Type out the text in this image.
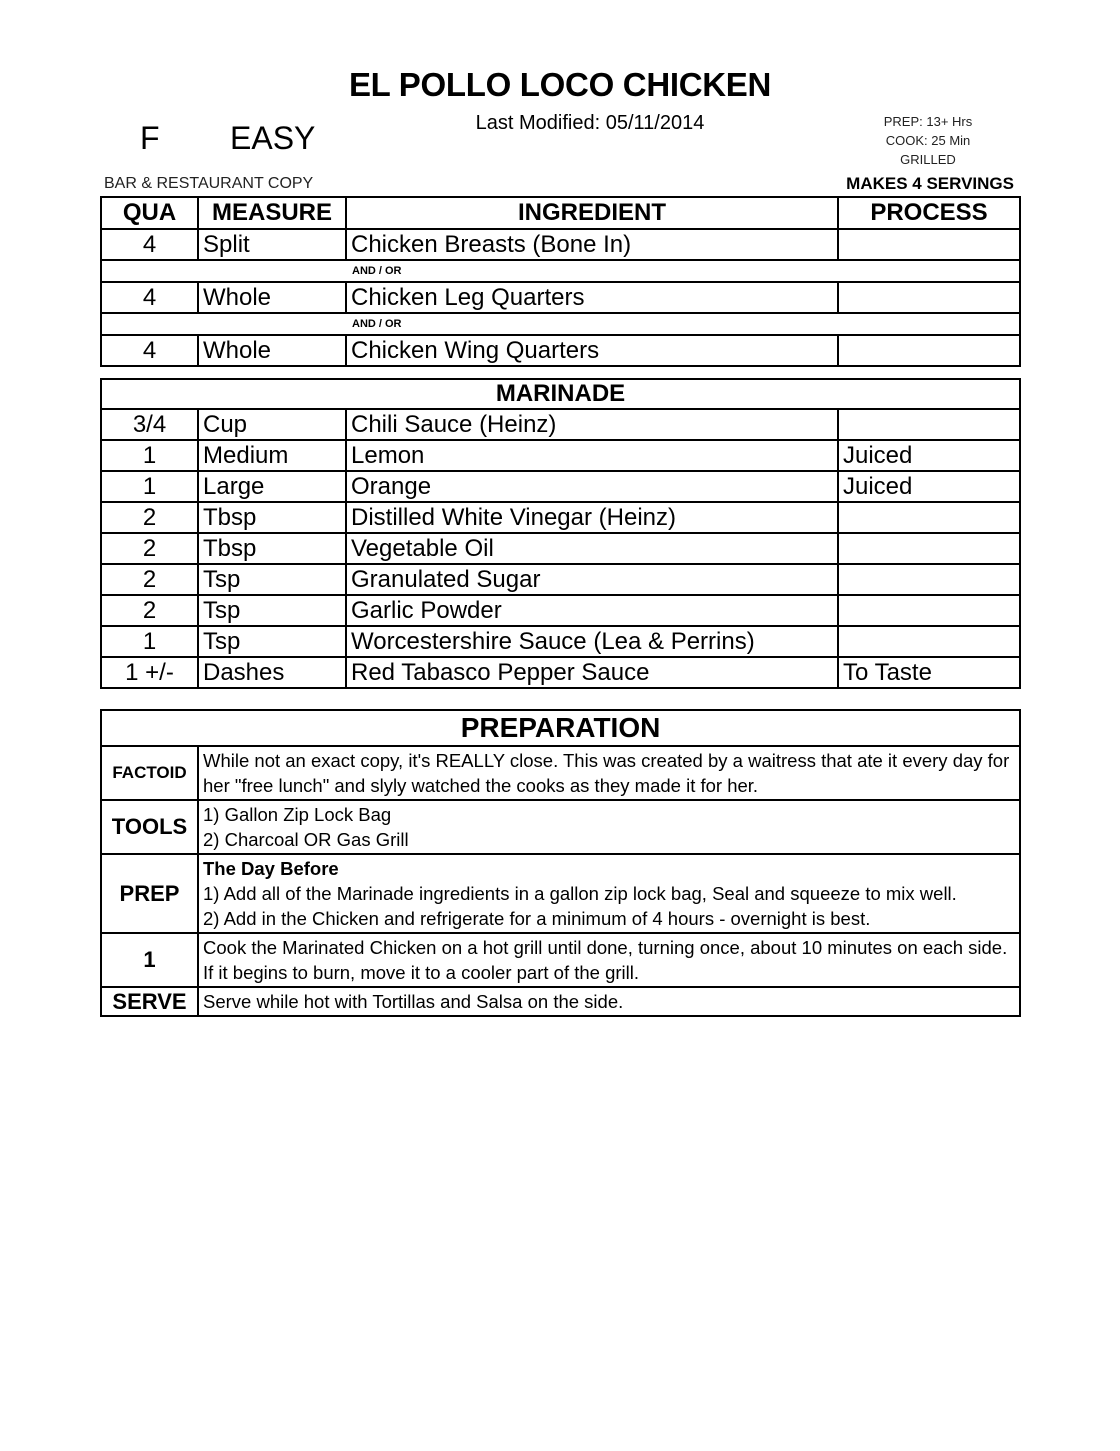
EL POLLO LOCO CHICKEN
F EASY	Last Modified: 05/11/2014	PREP: 13+ Hrs
COOK: 25 Min
GRILLED
BAR & RESTAURANT COPY	MAKES 4 SERVINGS
QUA	MEASURE	INGREDIENT	PROCESS
4	Split	Chicken Breasts (Bone In)	
AND / OR			
4	Whole	Chicken Leg Quarters	
AND / OR			
4	Whole	Chicken Wing Quarters	
MARINADE			
3/4	Cup	Chili Sauce (Heinz)	
1	Medium	Lemon	Juiced
1	Large	Orange	Juiced
2	Tbsp	Distilled White Vinegar (Heinz)	
2	Tbsp	Vegetable Oil	
2	Tsp	Granulated Sugar	
2	Tsp	Garlic Powder	
1	Tsp	Worcestershire Sauce (Lea & Perrins)	
1 +/-	Dashes	Red Tabasco Pepper Sauce	To Taste
PREPARATION	
FACTOID	While not an exact copy, it's REALLY close. This was created by a waitress that ate it every day for her "free lunch" and slyly watched the cooks as they made it for her.
TOOLS	1) Gallon Zip Lock Bag
2) Charcoal OR Gas Grill

PREP	The Day Before
1) Add all of the Marinade ingredients in a gallon zip lock bag, Seal and squeeze to mix well.
2) Add in the Chicken and refrigerate for a minimum of 4 hours - overnight is best.

1	Cook the Marinated Chicken on a hot grill until done, turning once, about 10 minutes on each side. If it begins to burn, move it to a cooler part of the grill.
SERVE	Serve while hot with Tortillas and Salsa on the side.
